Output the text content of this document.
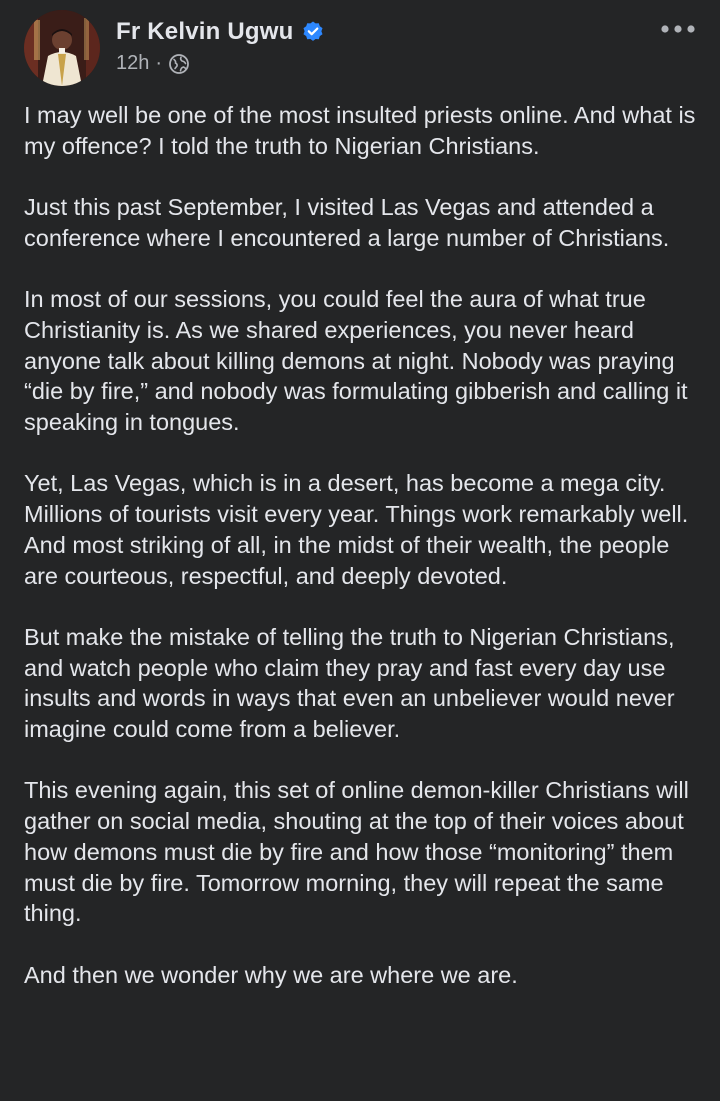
Fr Kelvin Ugwu
12h ·

I may well be one of the most insulted priests online. And what is my offence? I told the truth to Nigerian Christians.

Just this past September, I visited Las Vegas and attended a conference where I encountered a large number of Christians.

In most of our sessions, you could feel the aura of what true Christianity is. As we shared experiences, you never heard anyone talk about killing demons at night. Nobody was praying “die by fire,” and nobody was formulating gibberish and calling it speaking in tongues.

Yet, Las Vegas, which is in a desert, has become a mega city. Millions of tourists visit every year. Things work remarkably well. And most striking of all, in the midst of their wealth, the people are courteous, respectful, and deeply devoted.

But make the mistake of telling the truth to Nigerian Christians, and watch people who claim they pray and fast every day use insults and words in ways that even an unbeliever would never imagine could come from a believer.

This evening again, this set of online demon-killer Christians will gather on social media, shouting at the top of their voices about how demons must die by fire and how those “monitoring” them must die by fire. Tomorrow morning, they will repeat the same thing.

And then we wonder why we are where we are.
